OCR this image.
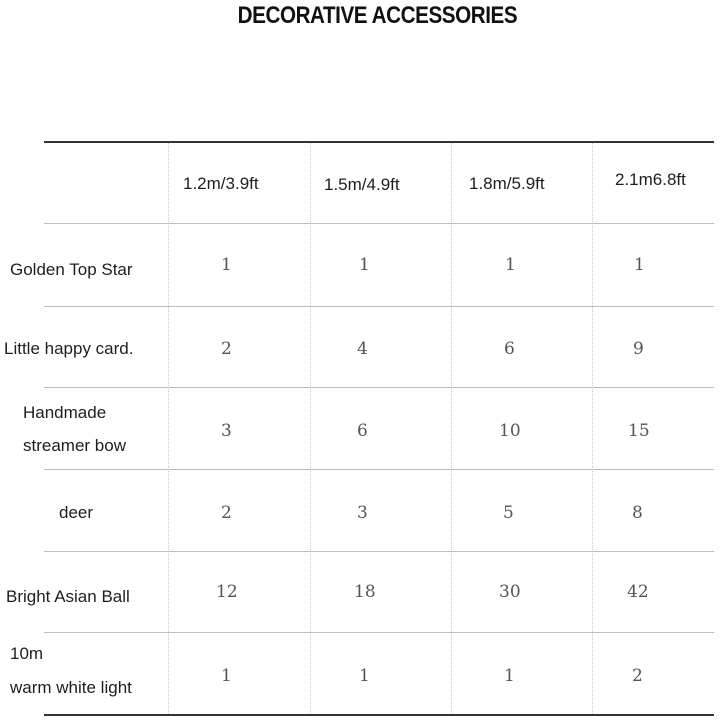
DECORATIVE ACCESSORIES
1.2m/3.9ft	1.5m/4.9ft	1.8m/5.9ft	2.1m6.8ft
Golden Top Star	1	1	1	1
Little happy card.	2	4	6	9
Handmade
streamer bow
3	6	10	15
deer	2	3	5	8
Bright Asian Ball	12	18	30	42
10m
warm white light
1	1	1	2
